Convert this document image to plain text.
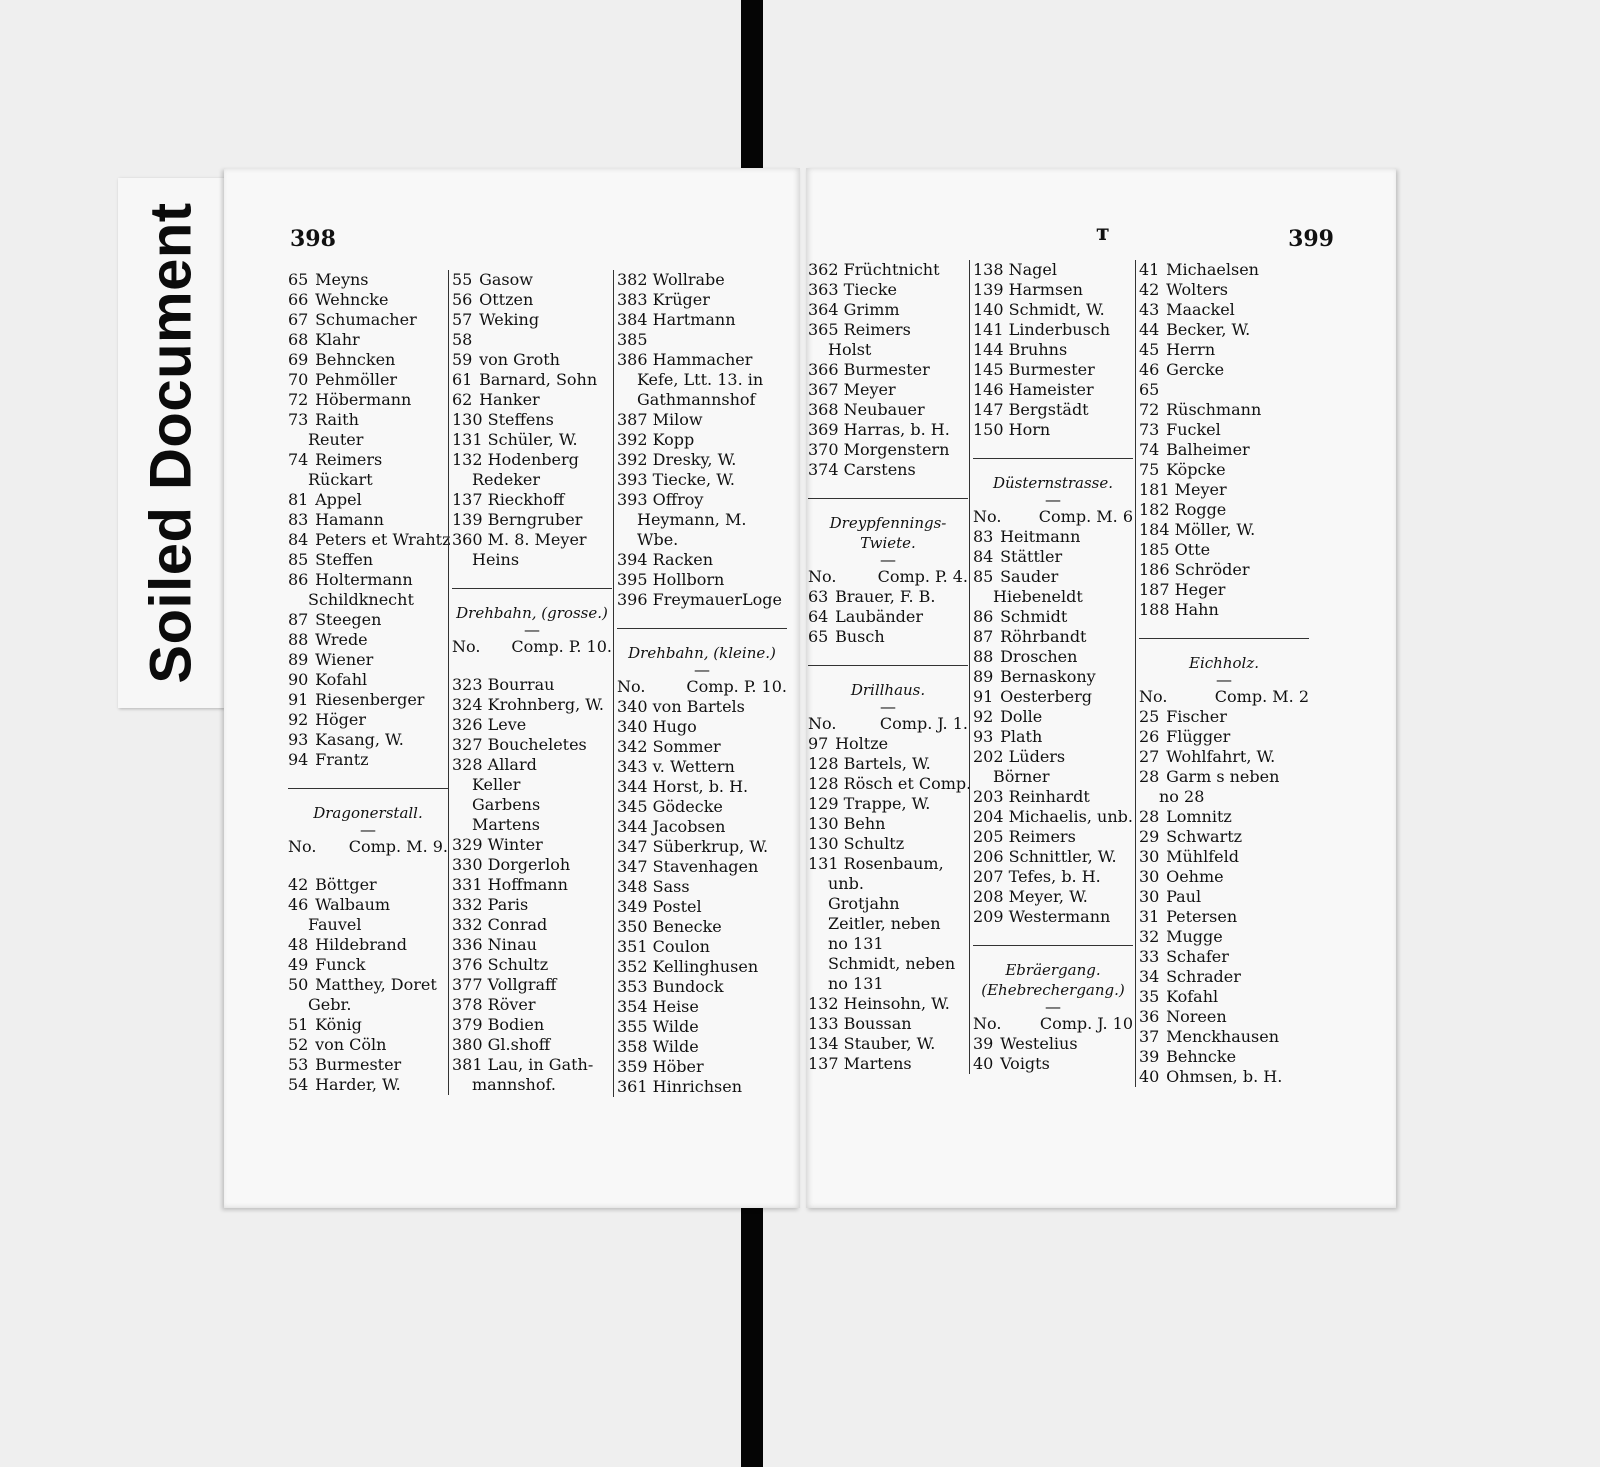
Soiled Document	398
65 Meyns
66 Wehncke
67 Schumacher
68 Klahr
69 Behncken
70 Pehmöller
72 Höbermann
73 Raith
Reuter
74 Reimers
Rückart
81 Appel
83 Hamann
84 Peters et Wrahtz
85 Steffen
86 Holtermann
Schildknecht
87 Steegen
88 Wrede
89 Wiener
90 Kofahl
91 Riesenberger
92 Höger
93 Kasang, W.
94 Frantz
Dragonerstall.
—
No. Comp. M. 9.
42 Böttger
46 Walbaum
Fauvel
48 Hildebrand
49 Funck
50 Matthey, Doret
Gebr.
51 König
52 von Cöln
53 Burmester
54 Harder, W.
55 Gasow
56 Ottzen
57 Weking
58
59 von Groth
61 Barnard, Sohn
62 Hanker
130 Steffens
131 Schüler, W.
132 Hodenberg
Redeker
137 Rieckhoff
139 Berngruber
360 M. 8. Meyer
Heins
Drehbahn, (grosse.)
—
No. Comp. P. 10.
323 Bourrau
324 Krohnberg, W.
326 Leve
327 Boucheletes
328 Allard
Keller
Garbens
Martens
329 Winter
330 Dorgerloh
331 Hoffmann
332 Paris
332 Conrad
336 Ninau
376 Schultz
377 Vollgraff
378 Röver
379 Bodien
380 Gl.shoff
381 Lau, in Gath-
mannshof.
382 Wollrabe
383 Krüger
384 Hartmann
385
386 Hammacher
Kefe, Ltt. 13. in
Gathmannshof
387 Milow
392 Kopp
392 Dresky, W.
393 Tiecke, W.
393 Offroy
Heymann, M.
Wbe.
394 Racken
395 Hollborn
396 FreymauerLoge
Drehbahn, (kleine.)
—
No.	Comp. P. 10.
340 von Bartels
340 Hugo
342 Sommer
343 v. Wettern
344 Horst, b. H.
345 Gödecke
344 Jacobsen
347 Süberkrup, W.
347 Stavenhagen
348 Sass
349 Postel
350 Benecke
351 Coulon
352 Kellinghusen
353 Bundock
354 Heise
355 Wilde
358 Wilde
359 Höber
361 Hinrichsen
т	399
362 Früchtnicht
363 Tiecke
364 Grimm
365 Reimers
Holst
366 Burmester
367 Meyer
368 Neubauer
369 Harras, b. H.
370 Morgenstern
374 Carstens
Dreypfennings-
Twiete.
—
No.	Comp. P. 4.
63 Brauer, F. B.
64 Laubänder
65 Busch
Drillhaus.
—
No.	Comp. J. 1.
97 Holtze
128 Bartels, W.
128 Rösch et Comp.
129 Trappe, W.
130 Behn
130 Schultz
131 Rosenbaum,
unb.
Grotjahn
Zeitler, neben
no 131
Schmidt, neben
no 131
132 Heinsohn, W.
133 Boussan
134 Stauber, W.
137 Martens
138 Nagel
139 Harmsen
140 Schmidt, W.
141 Linderbusch
144 Bruhns
145 Burmester
146 Hameister
147 Bergstädt
150 Horn
Düsternstrasse.
—
No. Comp. M. 6
83 Heitmann
84 Stättler
85 Sauder
Hiebeneldt
86 Schmidt
87 Röhrbandt
88 Droschen
89 Bernaskony
91 Oesterberg
92 Dolle
93 Plath
202 Lüders
Börner
203 Reinhardt
204 Michaelis, unb.
205 Reimers
206 Schnittler, W.
207 Tefes, b. H.
208 Meyer, W.
209 Westermann
Ebräergang.
(Ehebrechergang.)
—
No. Comp. J. 10
39 Westelius
40 Voigts
41 Michaelsen
42 Wolters
43 Maackel
44 Becker, W.
45 Herrn
46 Gercke
65
72 Rüschmann
73 Fuckel
74 Balheimer
75 Köpcke
181 Meyer
182 Rogge
184 Möller, W.
185 Otte
186 Schröder
187 Heger
188 Hahn
Eichholz.
—
No.	Comp. M. 2
25 Fischer
26 Flügger
27 Wohlfahrt, W.
28 Garm s neben
no 28
28 Lomnitz
29 Schwartz
30 Mühlfeld
30 Oehme
30 Paul
31 Petersen
32 Mugge
33 Schafer
34 Schrader
35 Kofahl
36 Noreen
37 Menckhausen
39 Behncke
40 Ohmsen, b. H.
